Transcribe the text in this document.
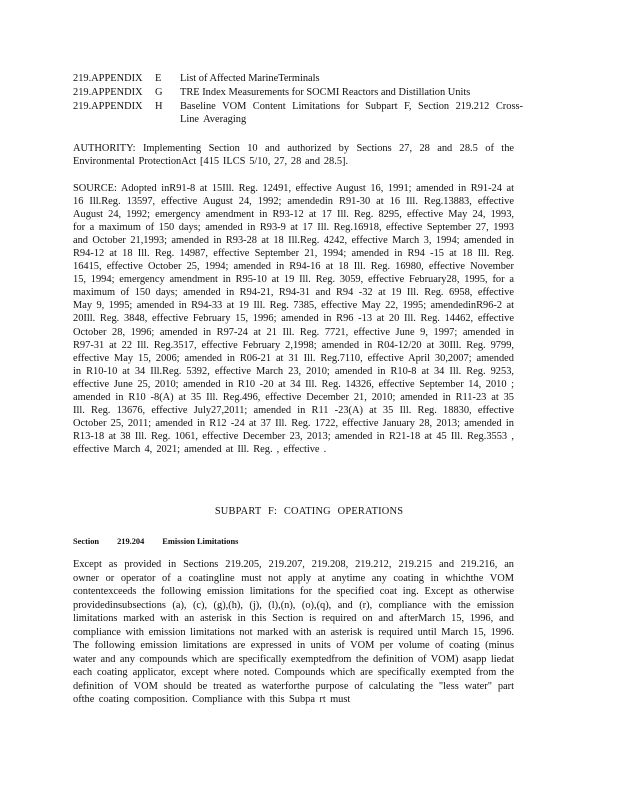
219.APPENDIX E List of Affected MarineTerminals
219.APPENDIX G TRE Index Measurements for SOCMI Reactors and Distillation Units
219.APPENDIX H Baseline VOM Content Limitations for Subpart F, Section 219.212 Cross-Line Averaging

AUTHORITY: Implementing Section 10 and authorized by Sections 27, 28 and 28.5 of the Environmental ProtectionAct [415 ILCS 5/10, 27, 28 and 28.5].

SOURCE: Adopted inR91-8 at 15Ill. Reg. 12491, effective August 16, 1991; amended in R91-24 at 16 Ill.Reg. 13597, effective August 24, 1992; amendedin R91-30 at 16 Ill. Reg.13883, effective August 24, 1992; emergency amendment in R93-12 at 17 Ill. Reg. 8295, effective May 24, 1993, for a maximum of 150 days; amended in R93-9 at 17 Ill. Reg.16918, effective September 27, 1993 and October 21,1993; amended in R93-28 at 18 Ill.Reg. 4242, effective March 3, 1994; amended in R94-12 at 18 Ill. Reg. 14987, effective September 21, 1994; amended in R94 -15 at 18 Ill. Reg. 16415, effective October 25, 1994; amended in R94-16 at 18 Ill. Reg. 16980, effective November 15, 1994; emergency amendment in R95-10 at 19 Ill. Reg. 3059, effective February28, 1995, for a maximum of 150 days; amended in R94-21, R94-31 and R94 -32 at 19 Ill. Reg. 6958, effective May 9, 1995; amended in R94-33 at 19 Ill. Reg. 7385, effective May 22, 1995; amendedinR96-2 at 20Ill. Reg. 3848, effective February 15, 1996; amended in R96 -13 at 20 Ill. Reg. 14462, effective October 28, 1996; amended in R97-24 at 21 Ill. Reg. 7721, effective June 9, 1997; amended in R97-31 at 22 Ill. Reg.3517, effective February 2,1998; amended in R04-12/20 at 30Ill. Reg. 9799, effective May 15, 2006; amended in R06-21 at 31 Ill. Reg.7110, effective April 30,2007; amended in R10-10 at 34 Ill.Reg. 5392, effective March 23, 2010; amended in R10-8 at 34 Ill. Reg. 9253, effective June 25, 2010; amended in R10 -20 at 34 Ill. Reg. 14326, effective September 14, 2010 ; amended in R10 -8(A) at 35 Ill. Reg.496, effective December 21, 2010; amended in R11-23 at 35 Ill. Reg. 13676, effective July27,2011; amended in R11 -23(A) at 35 Ill. Reg. 18830, effective October 25, 2011; amended in R12 -24 at 37 Ill. Reg. 1722, effective January 28, 2013; amended in R13-18 at 38 Ill. Reg. 1061, effective December 23, 2013; amended in R21-18 at 45 Ill. Reg.3553 , effective March 4, 2021; amended at Ill. Reg. , effective .

SUBPART F: COATING OPERATIONS
Section 219.204 Emission Limitations

Except as provided in Sections 219.205, 219.207, 219.208, 219.212, 219.215 and 219.216, an owner or operator of a coatingline must not apply at anytime any coating in whichthe VOM contentexceeds the following emission limitations for the specified coat ing. Except as otherwise providedinsubsections (a), (c), (g),(h), (j), (l),(n), (o),(q), and (r), compliance with the emission limitations marked with an asterisk in this Section is required on and afterMarch 15, 1996, and compliance with emission limitations not marked with an asterisk is required until March 15, 1996. The following emission limitations are expressed in units of VOM per volume of coating (minus water and any compounds which are specifically exemptedfrom the definition of VOM) asapp liedat each coating applicator, except where noted. Compounds which are specifically exempted from the definition of VOM should be treated as waterforthe purpose of calculating the "less water" part ofthe coating composition. Compliance with this Subpa rt must
